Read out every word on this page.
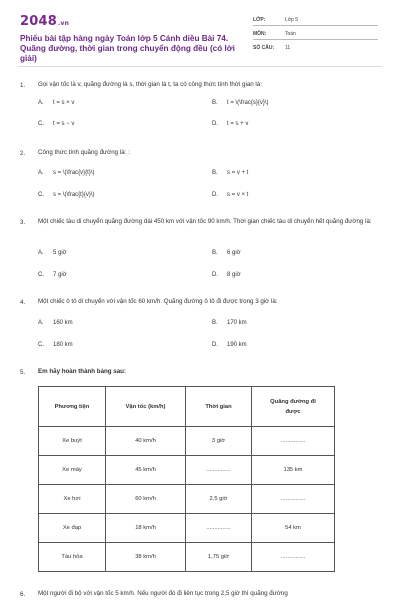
2048.vn
Phiếu bài tập hàng ngày Toán lớp 5 Cánh diều Bài 74.
Quãng đường, thời gian trong chuyển động đều (có lời giải)
LỚP:	Lớp 5
MÔN:	Toán
SỐ CÂU: 11
1. Gọi vận tốc là v, quãng đường là s, thời gian là t, ta có công thức tính thời gian là:
A. t = s × v	B. t = \(\frac{s}{v}\)
C. t = s − v	D. t = s + v
2. Công thức tính quãng đường là: :
A. s = \(\frac{v}{t}\)	B. s = v + t
C. s = \(\frac{t}{v}\)	D. s = v × t
3. Một chiếc tàu di chuyển quãng đường dài 450 km với vận tốc 90 km/h. Thời gian chiếc tàu di chuyển hết quãng đường là:
A. 5 giờ	B. 6 giờ
C. 7 giờ	D. 8 giờ
4. Một chiếc ô tô di chuyển với vận tốc 60 km/h. Quãng đường ô tô đi được trong 3 giờ là:
A. 160 km	B. 170 km
C. 180 km	D. 190 km
5. Em hãy hoàn thành bảng sau:
Phương tiện	Vận tốc (km/h)	Thời gian	Quãng đường đi được
Xe buýt	40 km/h	3 giờ	...............
Xe máy	45 km/h	...............	135 km
Xe hơi	60 km/h	2,5 giờ	...............
Xe đạp	18 km/h	...............	54 km
Tàu hỏa	38 km/h	1,75 giờ	...............
6. Một người đi bộ với vận tốc 5 km/h. Nếu người đó đi liên tục trong 2,5 giờ thì quãng đường
